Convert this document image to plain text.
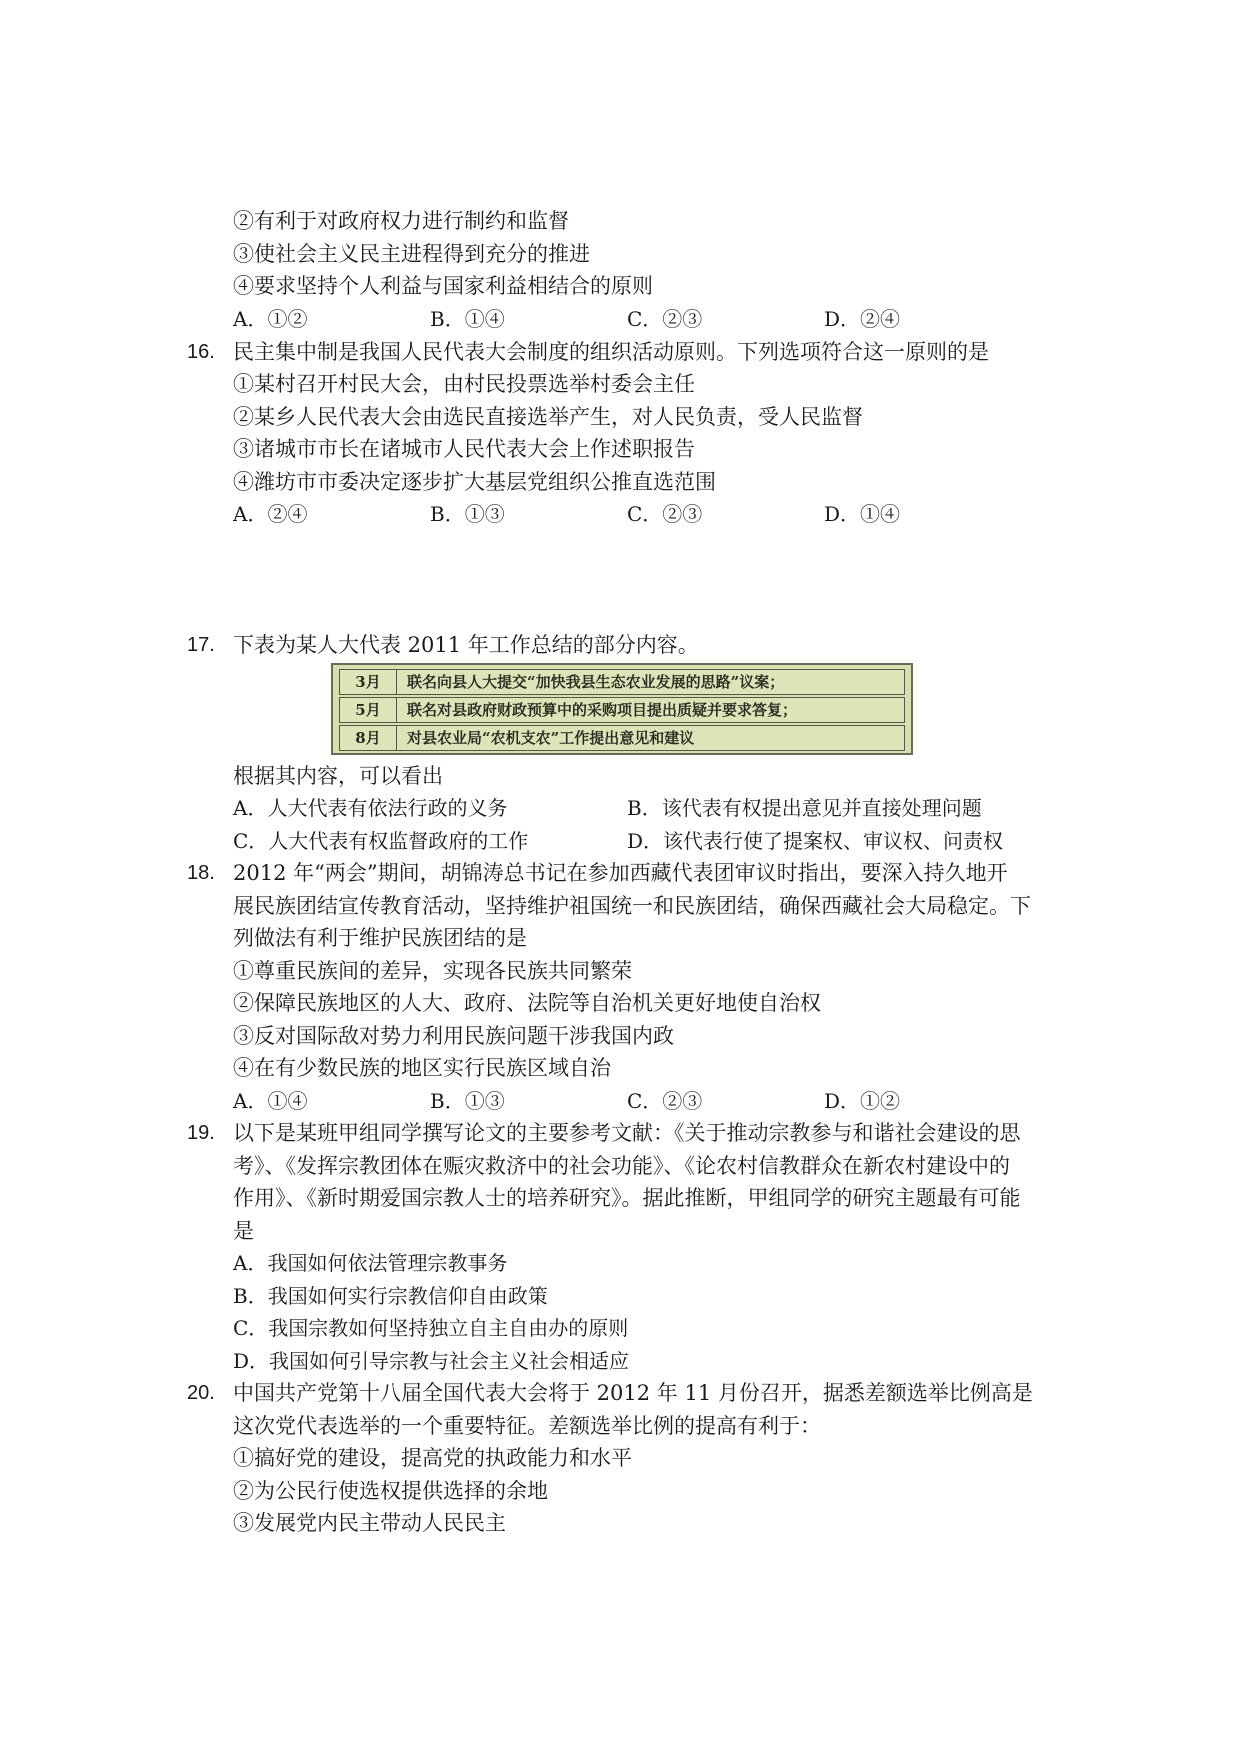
②有利于对政府权力进行制约和监督
③使社会主义民主进程得到充分的推进
④要求坚持个人利益与国家利益相结合的原则
A．①②	B．①④	C．②③	D．②④
16. 民主集中制是我国人民代表大会制度的组织活动原则。下列选项符合这一原则的是
①某村召开村民大会，由村民投票选举村委会主任
②某乡人民代表大会由选民直接选举产生，对人民负责，受人民监督
③诸城市市长在诸城市人民代表大会上作述职报告
④潍坊市市委决定逐步扩大基层党组织公推直选范围
A．②④	B．①③	C．②③	D．①④
17. 下表为某人大代表 2011 年工作总结的部分内容。
3月	联名向县人大提交“加快我县生态农业发展的思路”议案；
5月	联名对县政府财政预算中的采购项目提出质疑并要求答复；
8月	对县农业局“农机支农”工作提出意见和建议
根据其内容，可以看出
A．人大代表有依法行政的义务	B．该代表有权提出意见并直接处理问题
C．人大代表有权监督政府的工作	D．该代表行使了提案权、审议权、问责权
18. 2012 年“两会”期间，胡锦涛总书记在参加西藏代表团审议时指出，要深入持久地开
展民族团结宣传教育活动，坚持维护祖国统一和民族团结，确保西藏社会大局稳定。下
列做法有利于维护民族团结的是
①尊重民族间的差异，实现各民族共同繁荣
②保障民族地区的人大、政府、法院等自治机关更好地使自治权
③反对国际敌对势力利用民族问题干涉我国内政
④在有少数民族的地区实行民族区域自治
A．①④	B．①③	C．②③	D．①②
19. 以下是某班甲组同学撰写论文的主要参考文献：《关于推动宗教参与和谐社会建设的思
考》、《发挥宗教团体在赈灾救济中的社会功能》、《论农村信教群众在新农村建设中的
作用》、《新时期爱国宗教人士的培养研究》。据此推断，甲组同学的研究主题最有可能
是
A．我国如何依法管理宗教事务
B．我国如何实行宗教信仰自由政策
C．我国宗教如何坚持独立自主自由办的原则
D．我国如何引导宗教与社会主义社会相适应
20. 中国共产党第十八届全国代表大会将于 2012 年 11 月份召开，据悉差额选举比例高是
这次党代表选举的一个重要特征。差额选举比例的提高有利于：
①搞好党的建设，提高党的执政能力和水平
②为公民行使选权提供选择的余地
③发展党内民主带动人民民主
